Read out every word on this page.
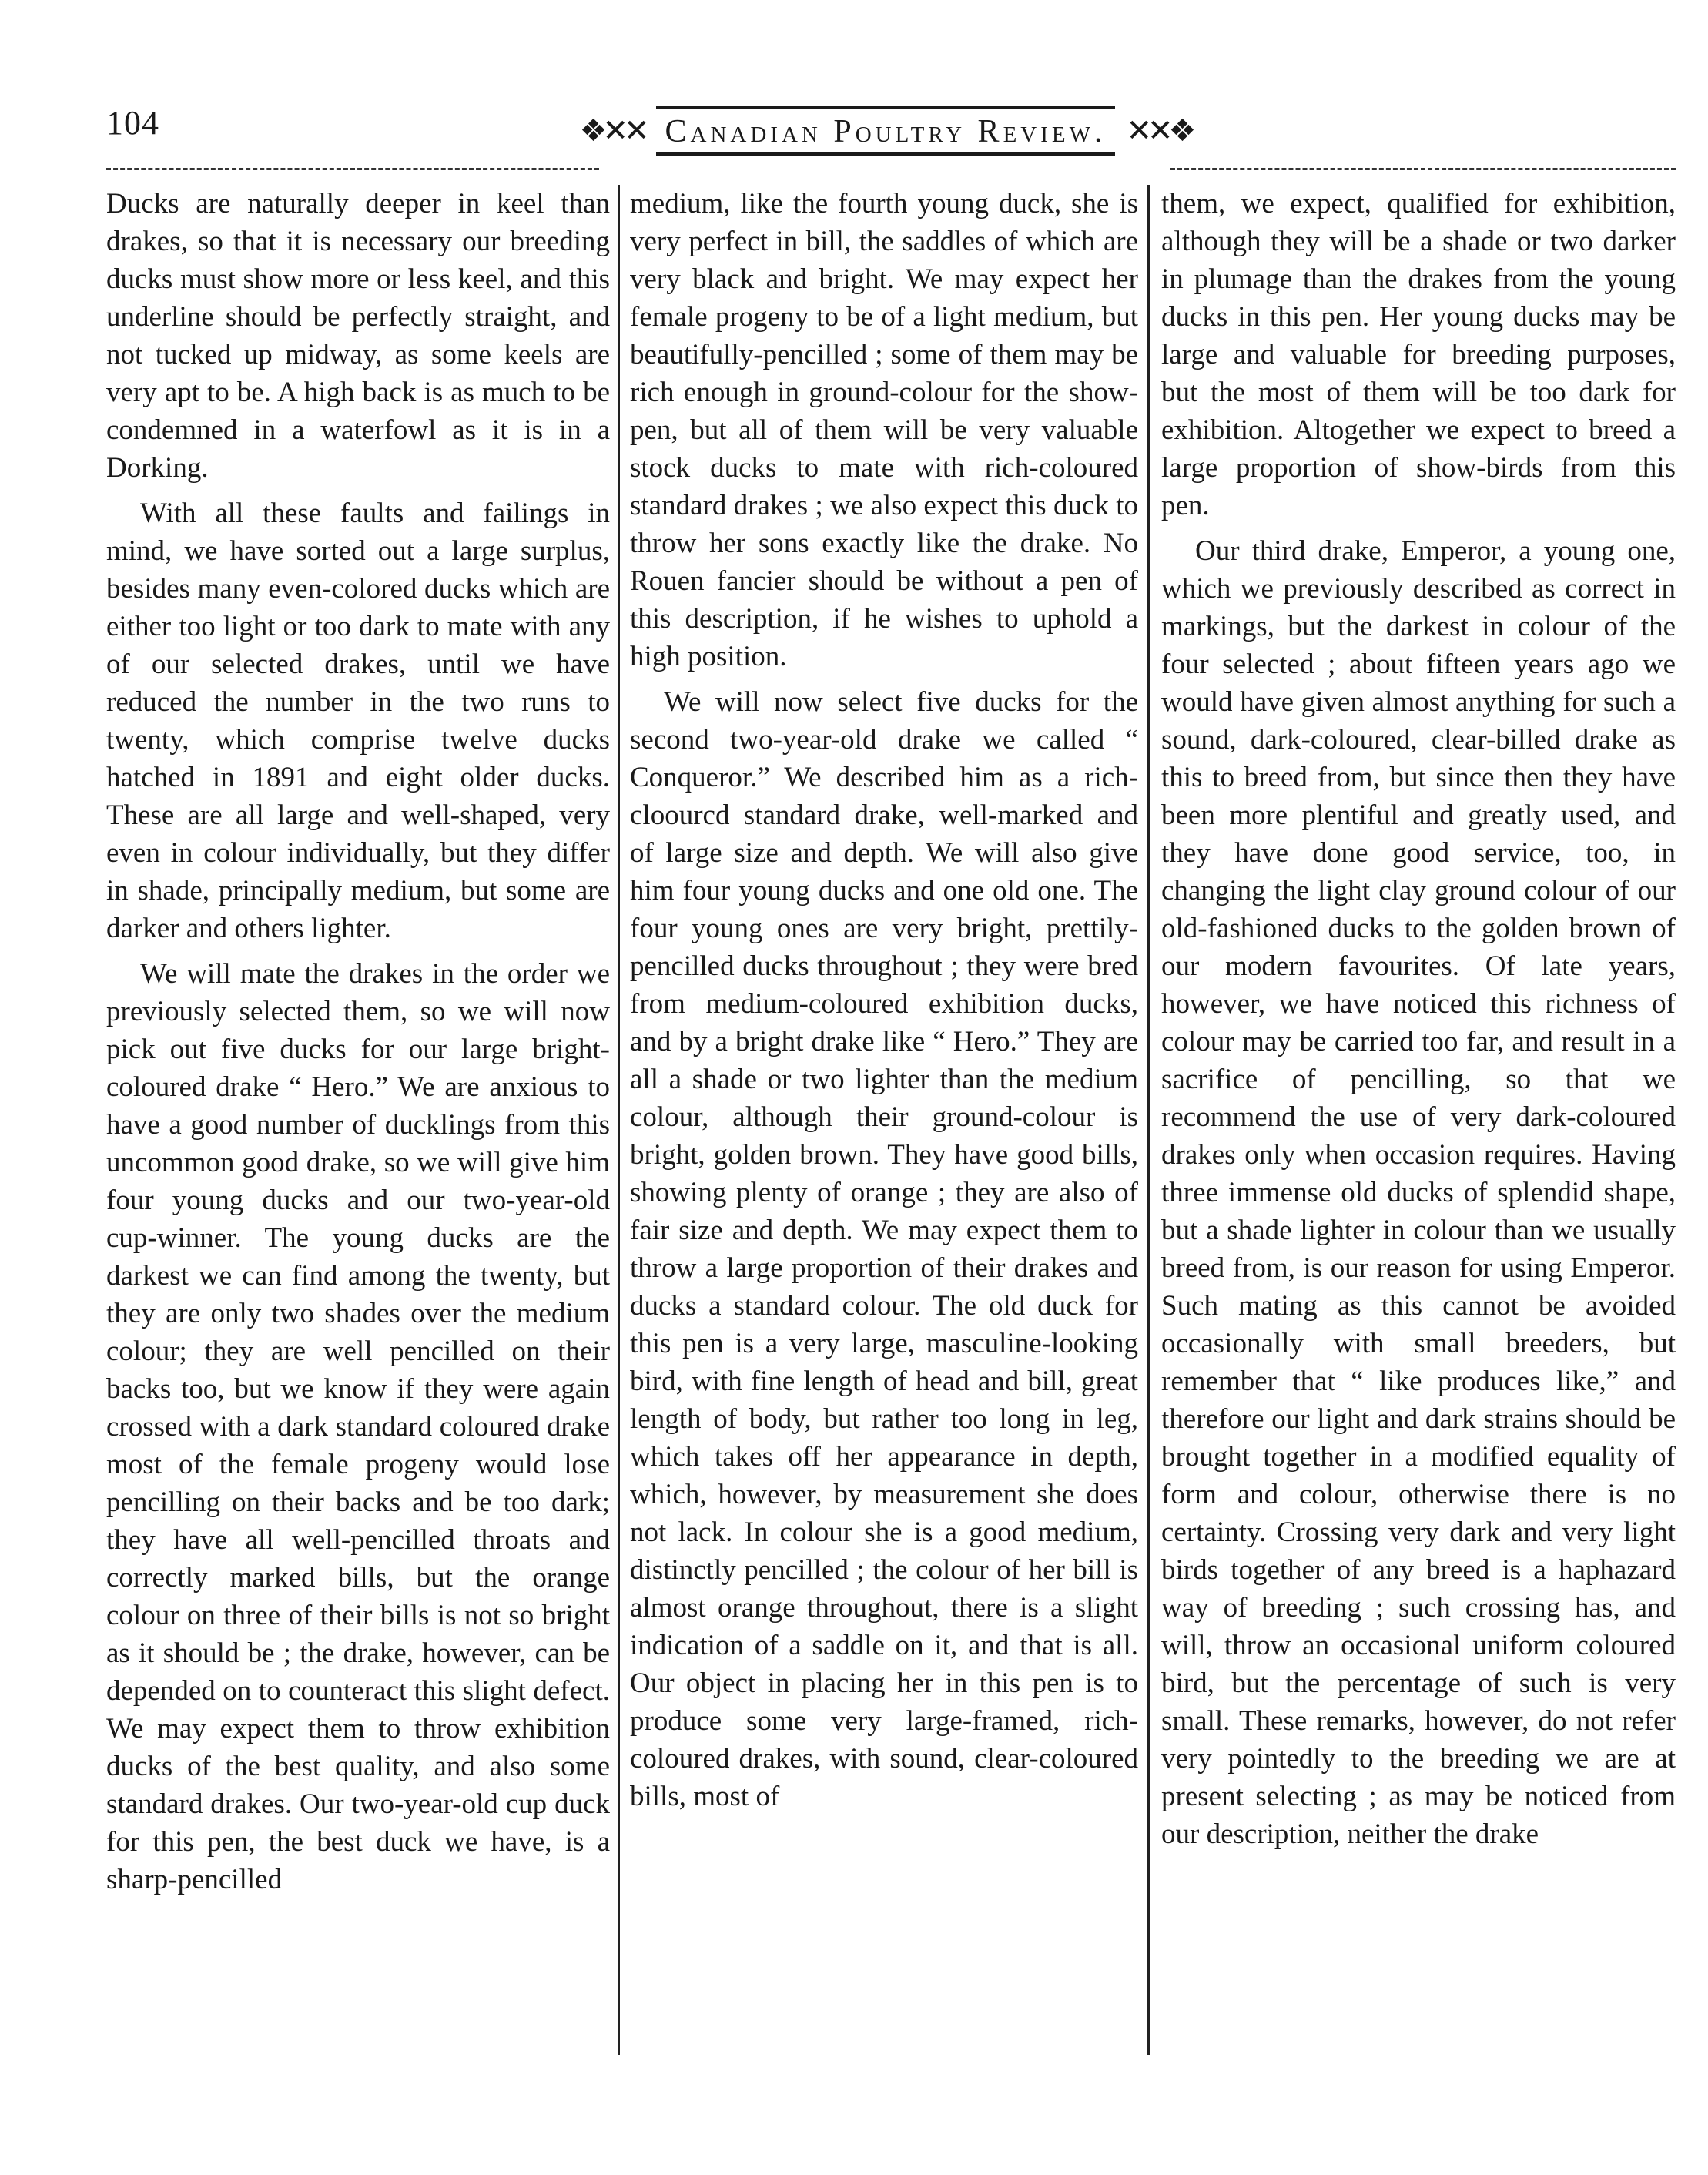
104	❖✕✕ Canadian Poultry Review. ✕✕❖

Ducks are naturally deeper in keel than drakes, so that it is necessary our breeding ducks must show more or less keel, and this underline should be perfectly straight, and not tucked up midway, as some keels are very apt to be. A high back is as much to be condemned in a waterfowl as it is in a Dorking.

With all these faults and failings in mind, we have sorted out a large surplus, besides many even-colored ducks which are either too light or too dark to mate with any of our selected drakes, until we have reduced the number in the two runs to twenty, which comprise twelve ducks hatched in 1891 and eight older ducks. These are all large and well-shaped, very even in colour individually, but they differ in shade, principally medium, but some are darker and others lighter.

We will mate the drakes in the order we previously selected them, so we will now pick out five ducks for our large bright-coloured drake “ Hero.” We are anxious to have a good number of ducklings from this uncommon good drake, so we will give him four young ducks and our two-year-old cup-winner. The young ducks are the darkest we can find among the twenty, but they are only two shades over the medium colour; they are well pencilled on their backs too, but we know if they were again crossed with a dark standard coloured drake most of the female progeny would lose pencilling on their backs and be too dark; they have all well-pencilled throats and correctly marked bills, but the orange colour on three of their bills is not so bright as it should be ; the drake, however, can be depended on to counteract this slight defect. We may expect them to throw exhibition ducks of the best quality, and also some standard drakes. Our two-year-old cup duck for this pen, the best duck we have, is a sharp-pencilled

medium, like the fourth young duck, she is very perfect in bill, the saddles of which are very black and bright. We may expect her female progeny to be of a light medium, but beautifully-pencilled ; some of them may be rich enough in ground-colour for the show-pen, but all of them will be very valuable stock ducks to mate with rich-coloured standard drakes ; we also expect this duck to throw her sons exactly like the drake. No Rouen fancier should be without a pen of this description, if he wishes to uphold a high position.

We will now select five ducks for the second two-year-old drake we called “ Conqueror.” We described him as a rich-cloourcd standard drake, well-marked and of large size and depth. We will also give him four young ducks and one old one. The four young ones are very bright, prettily-pencilled ducks throughout ; they were bred from medium-coloured exhibition ducks, and by a bright drake like “ Hero.” They are all a shade or two lighter than the medium colour, although their ground-colour is bright, golden brown. They have good bills, showing plenty of orange ; they are also of fair size and depth. We may expect them to throw a large proportion of their drakes and ducks a standard colour. The old duck for this pen is a very large, masculine-looking bird, with fine length of head and bill, great length of body, but rather too long in leg, which takes off her appearance in depth, which, however, by measurement she does not lack. In colour she is a good medium, distinctly pencilled ; the colour of her bill is almost orange throughout, there is a slight indication of a saddle on it, and that is all. Our object in placing her in this pen is to produce some very large-framed, rich-coloured drakes, with sound, clear-coloured bills, most of

them, we expect, qualified for exhibition, although they will be a shade or two darker in plumage than the drakes from the young ducks in this pen. Her young ducks may be large and valuable for breeding purposes, but the most of them will be too dark for exhibition. Altogether we expect to breed a large proportion of show-birds from this pen.

Our third drake, Emperor, a young one, which we previously described as correct in markings, but the darkest in colour of the four selected ; about fifteen years ago we would have given almost anything for such a sound, dark-coloured, clear-billed drake as this to breed from, but since then they have been more plentiful and greatly used, and they have done good service, too, in changing the light clay ground colour of our old-fashioned ducks to the golden brown of our modern favourites. Of late years, however, we have noticed this richness of colour may be carried too far, and result in a sacrifice of pencilling, so that we recommend the use of very dark-coloured drakes only when occasion requires. Having three immense old ducks of splendid shape, but a shade lighter in colour than we usually breed from, is our reason for using Emperor. Such mating as this cannot be avoided occasionally with small breeders, but remember that “ like produces like,” and therefore our light and dark strains should be brought together in a modified equality of form and colour, otherwise there is no certainty. Crossing very dark and very light birds together of any breed is a haphazard way of breeding ; such crossing has, and will, throw an occasional uniform coloured bird, but the percentage of such is very small. These remarks, however, do not refer very pointedly to the breeding we are at present selecting ; as may be noticed from our description, neither the drake
